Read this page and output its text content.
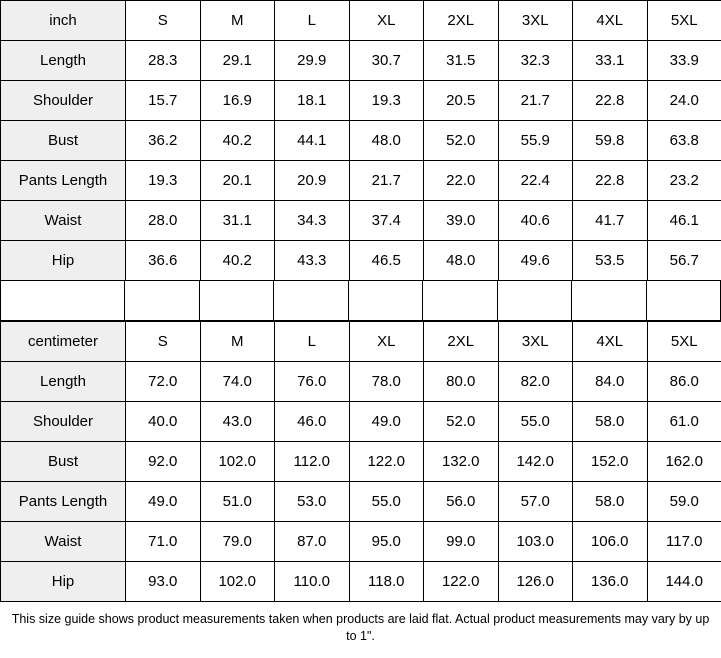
inch	S	M	L	XL	2XL	3XL	4XL	5XL
Length	28.3	29.1	29.9	30.7	31.5	32.3	33.1	33.9
Shoulder	15.7	16.9	18.1	19.3	20.5	21.7	22.8	24.0
Bust	36.2	40.2	44.1	48.0	52.0	55.9	59.8	63.8
Pants Length	19.3	20.1	20.9	21.7	22.0	22.4	22.8	23.2
Waist	28.0	31.1	34.3	37.4	39.0	40.6	41.7	46.1
Hip	36.6	40.2	43.3	46.5	48.0	49.6	53.5	56.7
centimeter	S	M	L	XL	2XL	3XL	4XL	5XL
Length	72.0	74.0	76.0	78.0	80.0	82.0	84.0	86.0
Shoulder	40.0	43.0	46.0	49.0	52.0	55.0	58.0	61.0
Bust	92.0	102.0	112.0	122.0	132.0	142.0	152.0	162.0
Pants Length	49.0	51.0	53.0	55.0	56.0	57.0	58.0	59.0
Waist	71.0	79.0	87.0	95.0	99.0	103.0	106.0	117.0
Hip	93.0	102.0	110.0	118.0	122.0	126.0	136.0	144.0
This size guide shows product measurements taken when products are laid flat. Actual product measurements may vary by up to 1".
